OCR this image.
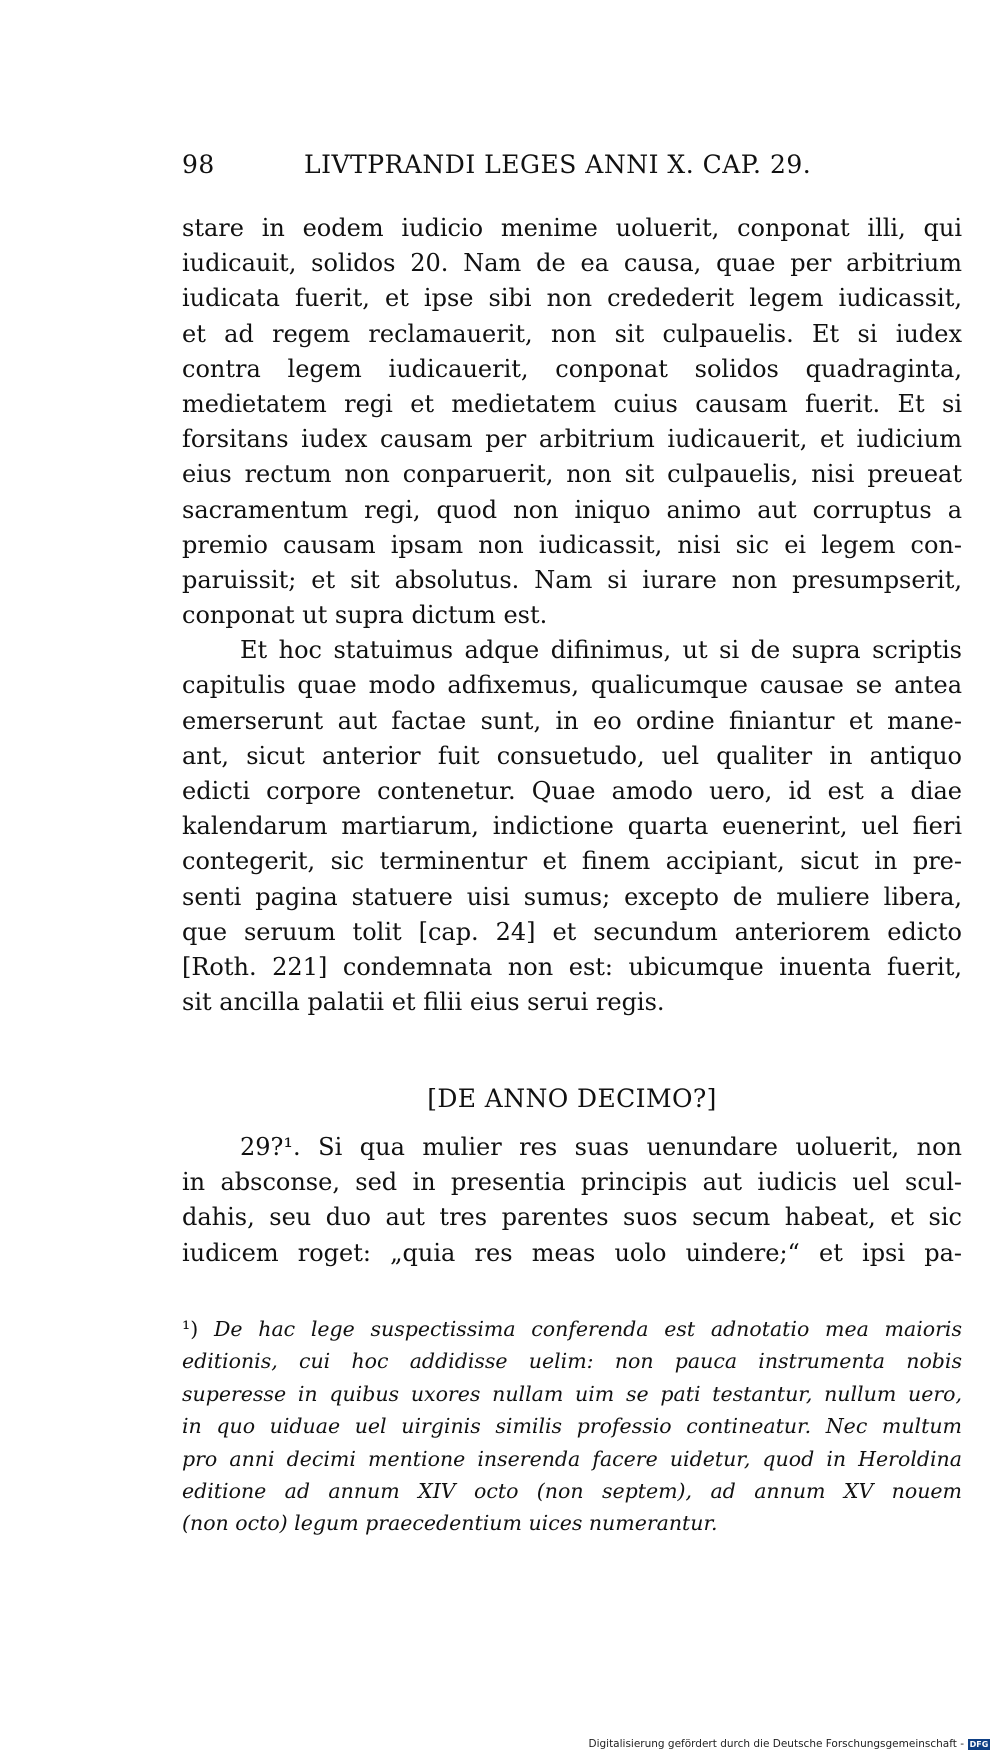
98	LIVTPRANDI LEGES ANNI X. CAP. 29.
stare in eodem iudicio menime uoluerit, conponat illi, qui
iudicauit, solidos 20. Nam de ea causa, quae per arbitrium
iudicata fuerit, et ipse sibi non credederit legem iudicassit,
et ad regem reclamauerit, non sit culpauelis. Et si iudex
contra legem iudicauerit, conponat solidos quadraginta,
medietatem regi et medietatem cuius causam fuerit. Et si
forsitans iudex causam per arbitrium iudicauerit, et iudicium
eius rectum non conparuerit, non sit culpauelis, nisi preueat
sacramentum regi, quod non iniquo animo aut corruptus a
premio causam ipsam non iudicassit, nisi sic ei legem con-
paruissit; et sit absolutus. Nam si iurare non presumpserit,
conponat ut supra dictum est.
Et hoc statuimus adque difinimus, ut si de supra scriptis
capitulis quae modo adfixemus, qualicumque causae se antea
emerserunt aut factae sunt, in eo ordine finiantur et mane-
ant, sicut anterior fuit consuetudo, uel qualiter in antiquo
edicti corpore contenetur. Quae amodo uero, id est a diae
kalendarum martiarum, indictione quarta euenerint, uel fieri
contegerit, sic terminentur et finem accipiant, sicut in pre-
senti pagina statuere uisi sumus; excepto de muliere libera,
que seruum tolit [cap. 24] et secundum anteriorem edicto
[Roth. 221] condemnata non est: ubicumque inuenta fuerit,
sit ancilla palatii et filii eius serui regis.
[DE ANNO DECIMO?]
29?¹. Si qua mulier res suas uenundare uoluerit, non
in absconse, sed in presentia principis aut iudicis uel scul-
dahis, seu duo aut tres parentes suos secum habeat, et sic
iudicem roget: „quia res meas uolo uindere;“ et ipsi pa-
¹) De hac lege suspectissima conferenda est adnotatio mea maioris
editionis, cui hoc addidisse uelim: non pauca instrumenta nobis
superesse in quibus uxores nullam uim se pati testantur, nullum uero,
in quo uiduae uel uirginis similis professio contineatur. Nec multum
pro anni decimi mentione inserenda facere uidetur, quod in Heroldina
editione ad annum XIV octo (non septem), ad annum XV nouem
(non octo) legum praecedentium uices numerantur.
Digitalisierung gefördert durch die Deutsche Forschungsgemeinschaft - DFG
